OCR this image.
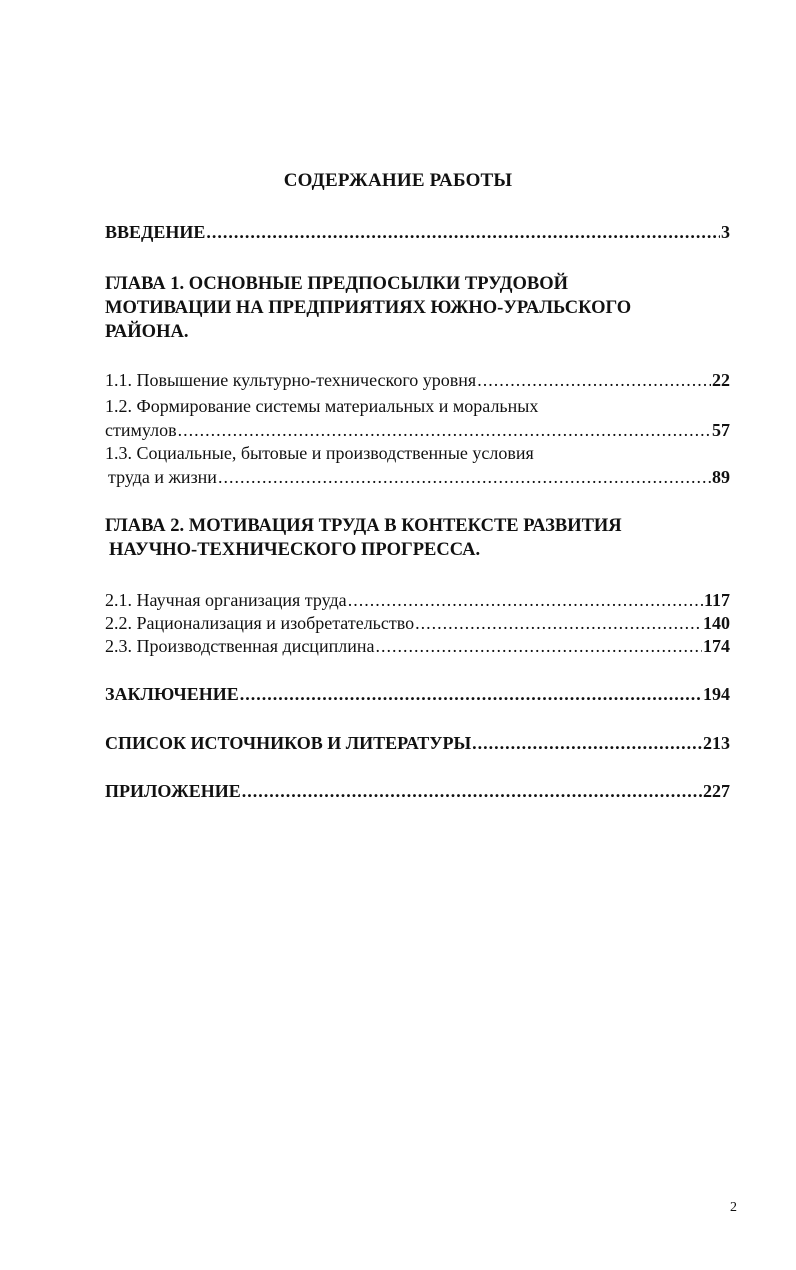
СОДЕРЖАНИЕ РАБОТЫ
ВВЕДЕНИЕ .....	3
ГЛАВА 1. ОСНОВНЫЕ ПРЕДПОСЫЛКИ ТРУДОВОЙ
МОТИВАЦИИ НА ПРЕДПРИЯТИЯХ ЮЖНО-УРАЛЬСКОГО
РАЙОНА.
1.1. Повышение культурно-технического уровня .....	22
1.2. Формирование системы материальных и моральных
стимулов .....	57
1.3. Социальные, бытовые и производственные условия
труда и жизни .....	89
ГЛАВА 2. МОТИВАЦИЯ ТРУДА В КОНТЕКСТЕ РАЗВИТИЯ
НАУЧНО-ТЕХНИЧЕСКОГО ПРОГРЕССА.
2.1. Научная организация труда .....	117
2.2. Рационализация и изобретательство .....	140
2.3. Производственная дисциплина .....	174
ЗАКЛЮЧЕНИЕ .....	194
СПИСОК ИСТОЧНИКОВ И ЛИТЕРАТУРЫ .....	213
ПРИЛОЖЕНИЕ .....	227
2
